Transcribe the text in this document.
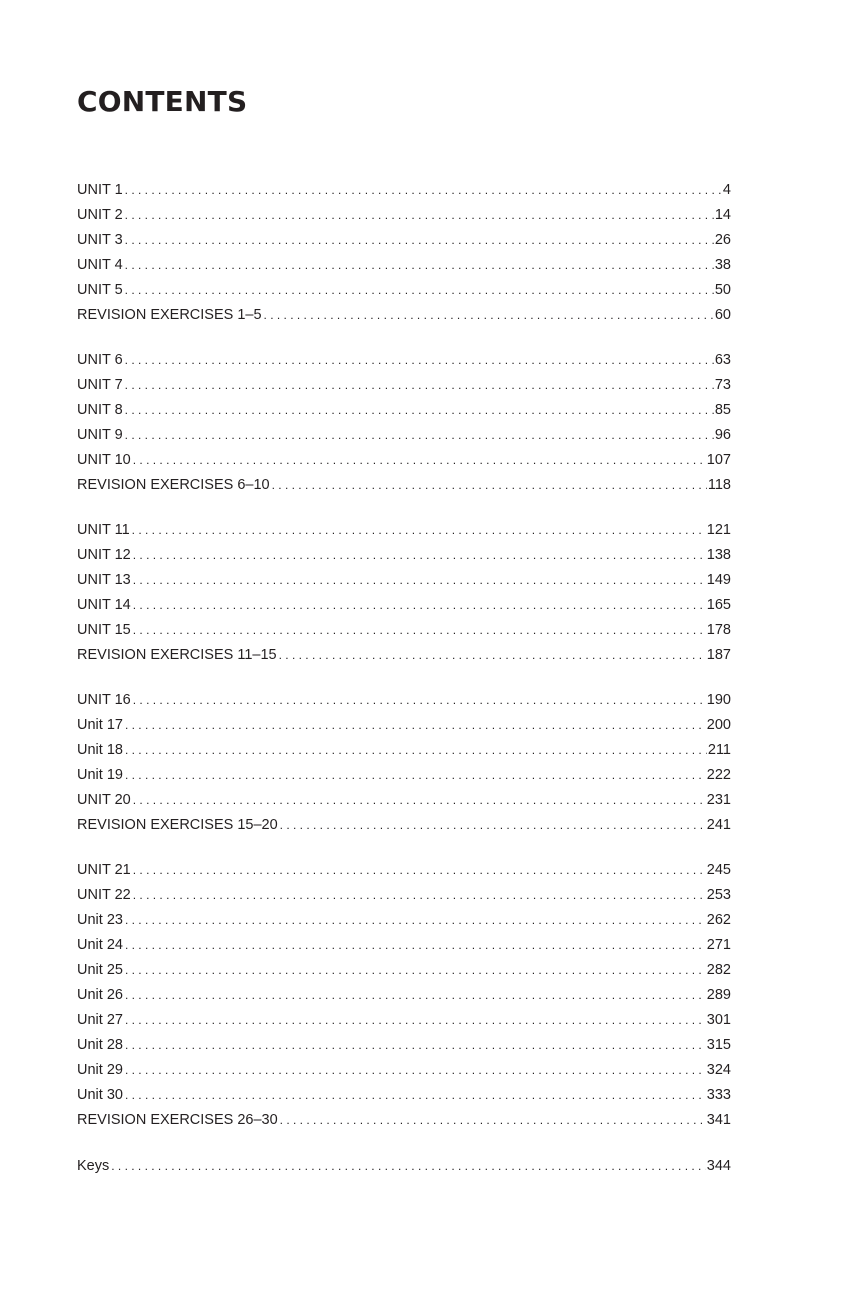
CONTENTS
UNIT 1 . . .	4
UNIT 2 . . .	14
UNIT 3 . . .	26
UNIT 4 . . .	38
UNIT 5 . . .	50
REVISION EXERCISES 1–5 . . .	60
UNIT 6 . . .	63
UNIT 7 . . .	73
UNIT 8 . . .	85
UNIT 9 . . .	96
UNIT 10 . . .	107
REVISION EXERCISES 6–10 . . .	118
UNIT 11 . . .	121
UNIT 12 . . .	138
UNIT 13 . . .	149
UNIT 14 . . .	165
UNIT 15 . . .	178
REVISION EXERCISES 11–15 . . .	187
UNIT 16 . . .	190
Unit 17 . . .	200
Unit 18 . . .	211
Unit 19 . . .	222
UNIT 20 . . .	231
REVISION EXERCISES 15–20 . . .	241
UNIT 21 . . .	245
UNIT 22 . . .	253
Unit 23 . . .	262
Unit 24 . . .	271
Unit 25 . . .	282
Unit 26 . . .	289
Unit 27 . . .	301
Unit 28 . . .	315
Unit 29 . . .	324
Unit 30 . . .	333
REVISION EXERCISES 26–30 . . .	341
Keys . . .	344
